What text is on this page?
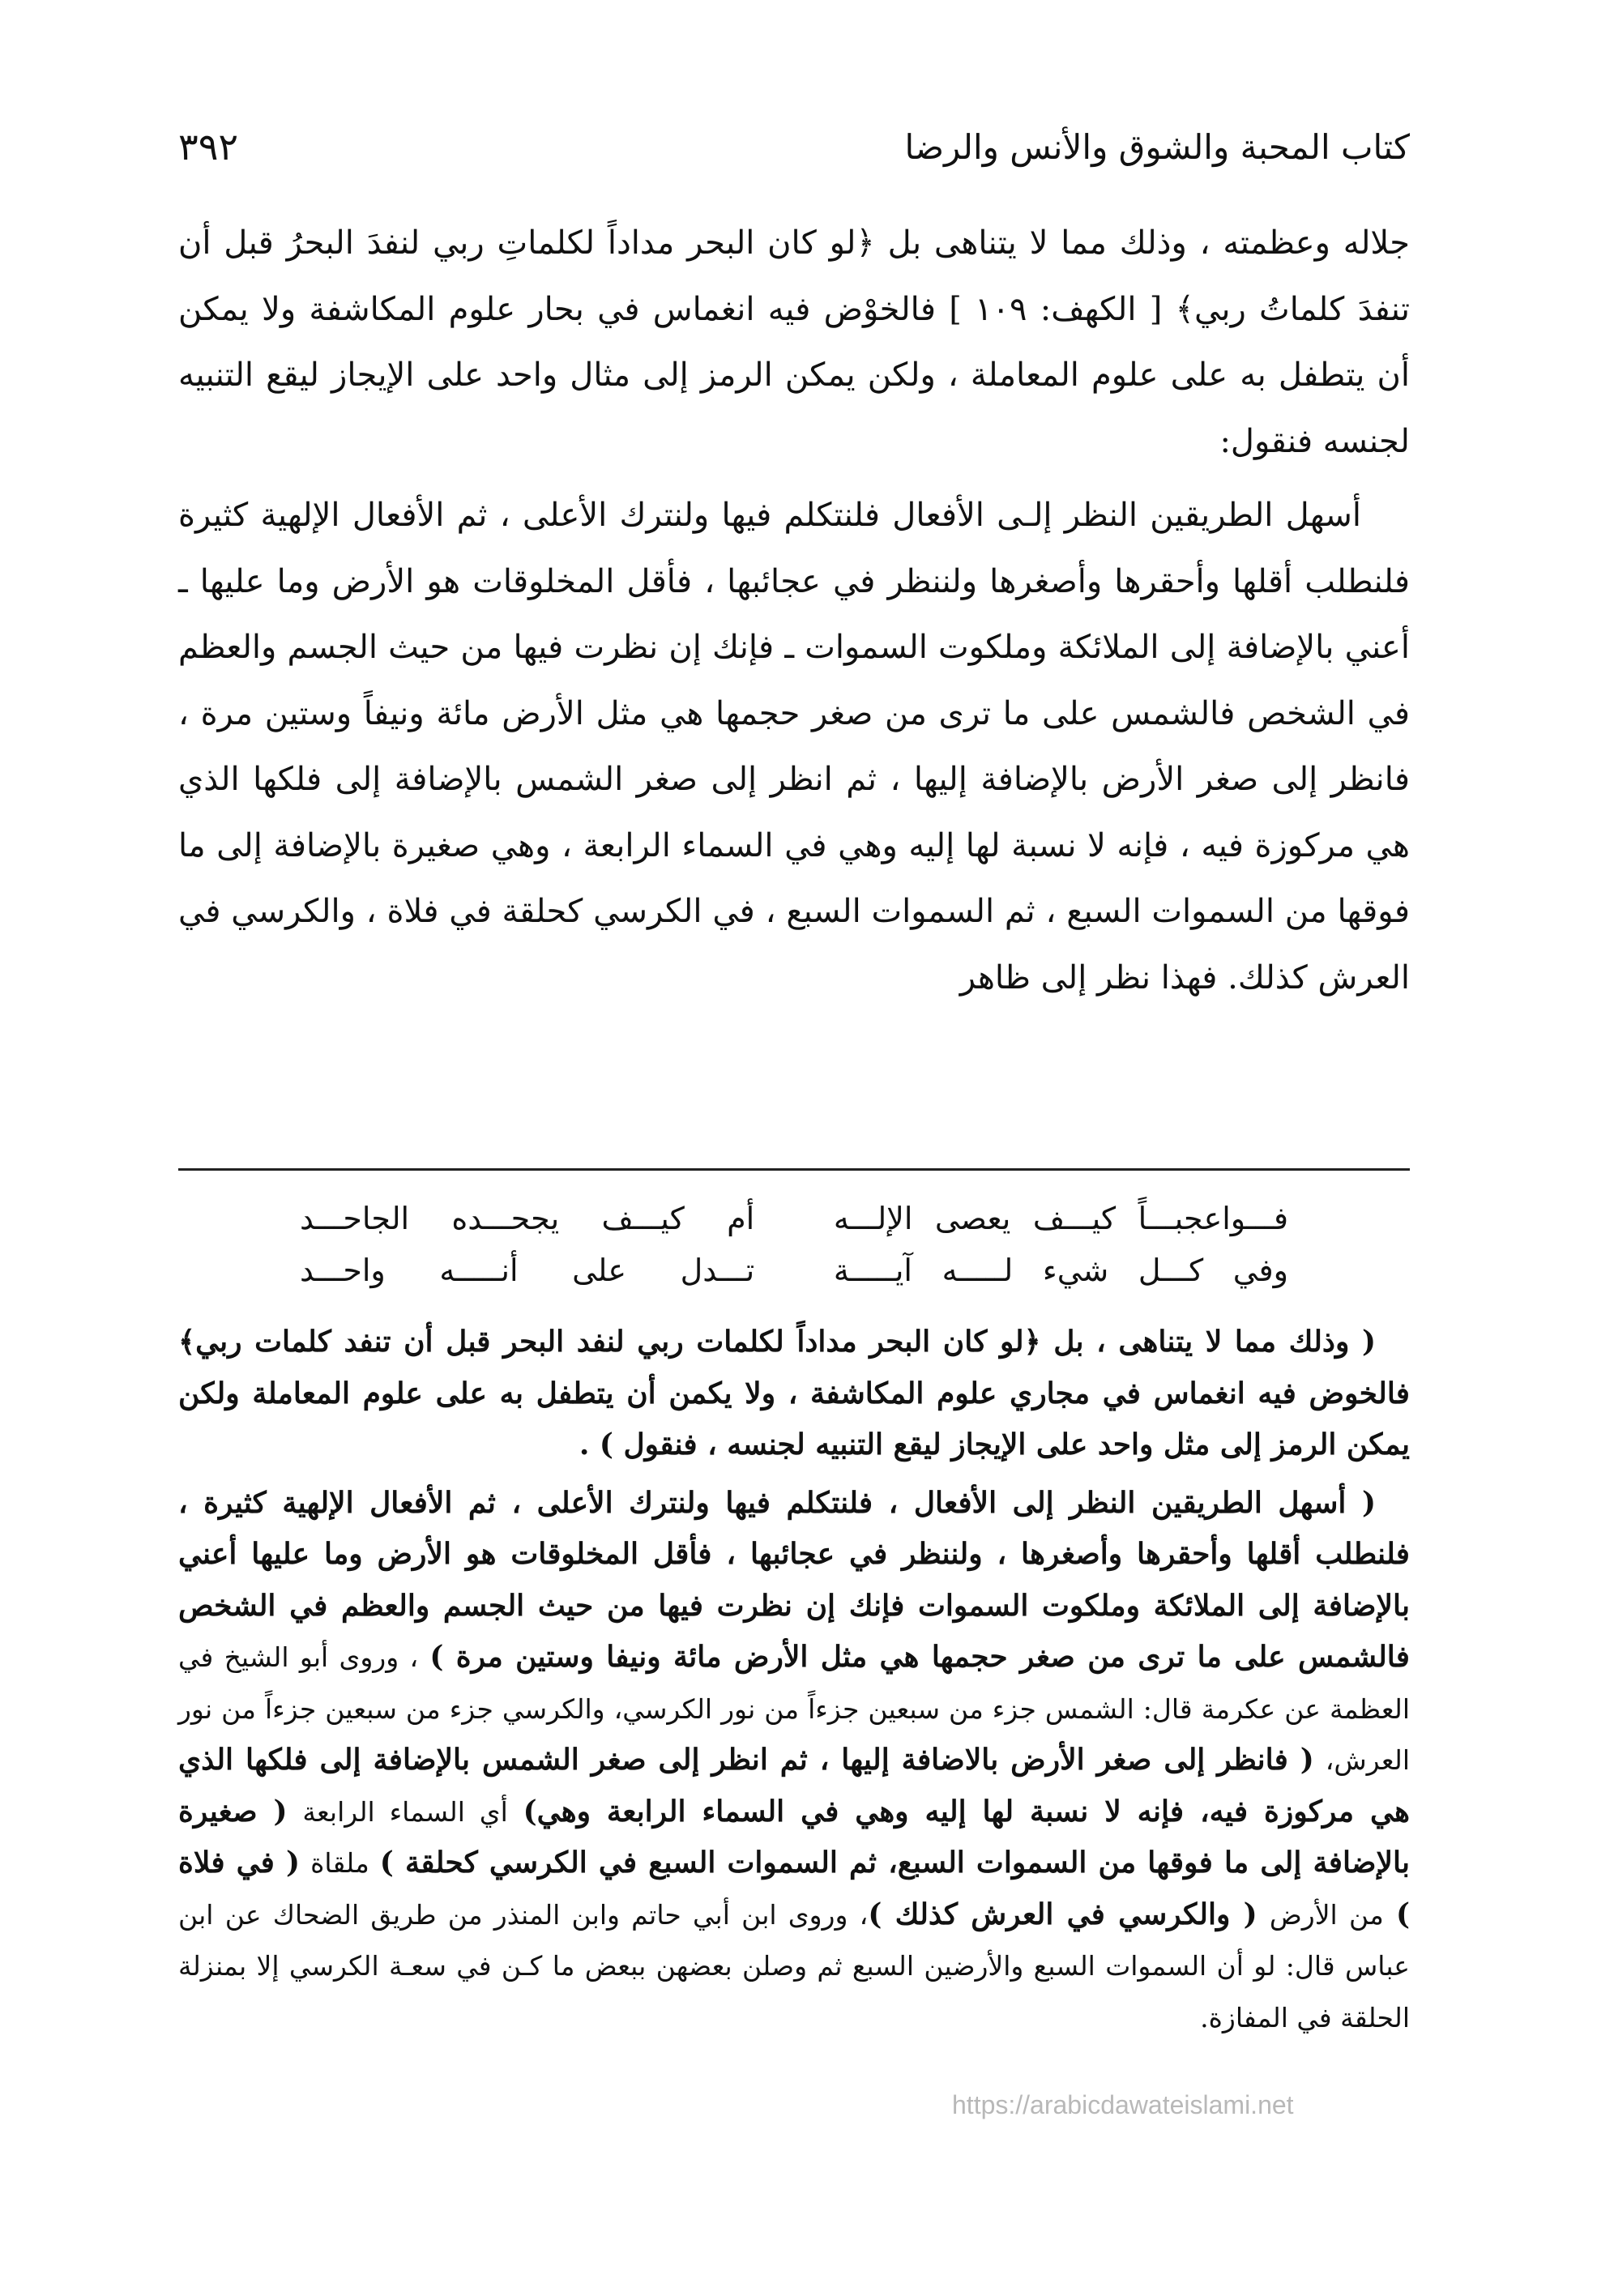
كتاب المحبة والشوق والأنس والرضا
٣٩٢

جلاله وعظمته ، وذلك مما لا يتناهى بل ﴿لو كان البحر مداداً لكلماتِ ربي لنفدَ البحرُ قبل أن تنفدَ كلماتُ ربي﴾ [ الكهف: ١٠٩ ] فالخوْض فيه انغماس في بحار علوم المكاشفة ولا يمكن أن يتطفل به على علوم المعاملة ، ولكن يمكن الرمز إلى مثال واحد على الإيجاز ليقع التنبيه لجنسه فنقول:

أسهل الطريقين النظر إلـى الأفعال فلنتكلم فيها ولنترك الأعلى ، ثم الأفعال الإلهية كثيرة فلنطلب أقلها وأحقرها وأصغرها ولننظر في عجائبها ، فأقل المخلوقات هو الأرض وما عليها ـ أعني بالإضافة إلى الملائكة وملكوت السموات ـ فإنك إن نظرت فيها من حيث الجسم والعظم في الشخص فالشمس على ما ترى من صغر حجمها هي مثل الأرض مائة ونيفاً وستين مرة ، فانظر إلى صغر الأرض بالإضافة إليها ، ثم انظر إلى صغر الشمس بالإضافة إلى فلكها الذي هي مركوزة فيه ، فإنه لا نسبة لها إليه وهي في السماء الرابعة ، وهي صغيرة بالإضافة إلى ما فوقها من السموات السبع ، ثم السموات السبع ، في الكرسي كحلقة في فلاة ، والكرسي في العرش كذلك. فهذا نظر إلى ظاهر

فـــواعجبـــاً كيـــف يعصى الإلـــه
أم كيـــف يجحـــده الجاحـــد
وفي كـــل شيء لـــــه آيـــــة
تـــدل على أنـــــه واحـــد

( وذلك مما لا يتناهى ، بل ﴿لو كان البحر مداداً لكلمات ربي لنفد البحر قبل أن تنفد كلمات ربي﴾ فالخوض فيه انغماس في مجاري علوم المكاشفة ، ولا يكمن أن يتطفل به على علوم المعاملة ولكن يمكن الرمز إلى مثل واحد على الإيجاز ليقع التنبيه لجنسه ، فنقول ) .

( أسهل الطريقين النظر إلى الأفعال ، فلنتكلم فيها ولنترك الأعلى ، ثم الأفعال الإلهية كثيرة ، فلنطلب أقلها وأحقرها وأصغرها ، ولننظر في عجائبها ، فأقل المخلوقات هو الأرض وما عليها أعني بالإضافة إلى الملائكة وملكوت السموات فإنك إن نظرت فيها من حيث الجسم والعظم في الشخص فالشمس على ما ترى من صغر حجمها هي مثل الأرض مائة ونيفا وستين مرة ) ، وروى أبو الشيخ في العظمة عن عكرمة قال: الشمس جزء من سبعين جزءاً من نور الكرسي، والكرسي جزء من سبعين جزءاً من نور العرش، ( فانظر إلى صغر الأرض بالاضافة إليها ، ثم انظر إلى صغر الشمس بالإضافة إلى فلكها الذي هي مركوزة فيه، فإنه لا نسبة لها إليه وهي في السماء الرابعة وهي) أي السماء الرابعة ( صغيرة بالإضافة إلى ما فوقها من السموات السبع، ثم السموات السبع في الكرسي كحلقة ) ملقاة ( في فلاة ) من الأرض ( والكرسي في العرش كذلك )، وروى ابن أبي حاتم وابن المنذر من طريق الضحاك عن ابن عباس قال: لو أن السموات السبع والأرضين السبع ثم وصلن بعضهن ببعض ما كـن في سعـة الكرسي إلا بمنزلة الحلقة في المفازة.

https://arabicdawateislami.net
